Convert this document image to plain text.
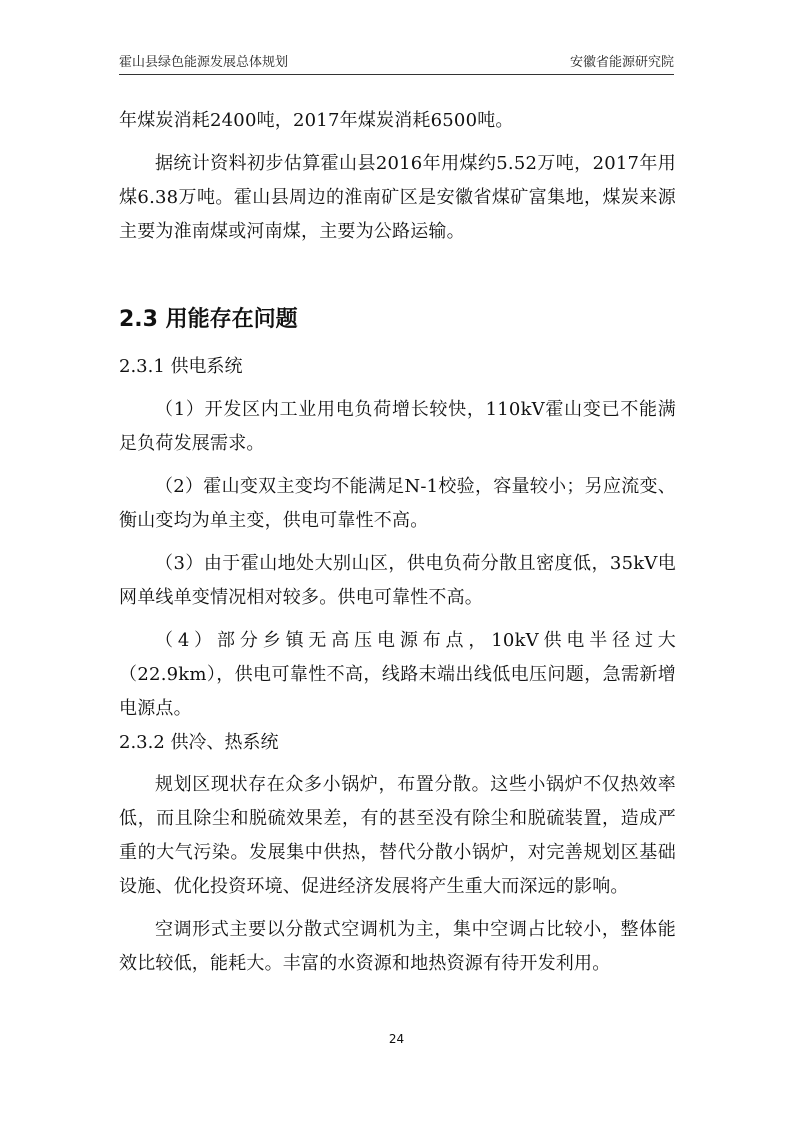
霍山县绿色能源发展总体规划	安徽省能源研究院

年煤炭消耗2400吨，2017年煤炭消耗6500吨。

据统计资料初步估算霍山县2016年用煤约5.52万吨，2017年用煤6.38万吨。霍山县周边的淮南矿区是安徽省煤矿富集地，煤炭来源主要为淮南煤或河南煤，主要为公路运输。

2.3 用能存在问题
2.3.1 供电系统

（1）开发区内工业用电负荷增长较快，110kV霍山变已不能满足负荷发展需求。

（2）霍山变双主变均不能满足N-1校验，容量较小；另应流变、衡山变均为单主变，供电可靠性不高。

（3）由于霍山地处大别山区，供电负荷分散且密度低，35kV电网单线单变情况相对较多。供电可靠性不高。

（4）部分乡镇无高压电源布点，10kV供电半径过大（22.9km），供电可靠性不高，线路末端出线低电压问题，急需新增电源点。

2.3.2 供冷、热系统

规划区现状存在众多小锅炉，布置分散。这些小锅炉不仅热效率低，而且除尘和脱硫效果差，有的甚至没有除尘和脱硫装置，造成严重的大气污染。发展集中供热，替代分散小锅炉，对完善规划区基础设施、优化投资环境、促进经济发展将产生重大而深远的影响。

空调形式主要以分散式空调机为主，集中空调占比较小，整体能效比较低，能耗大。丰富的水资源和地热资源有待开发利用。

24
